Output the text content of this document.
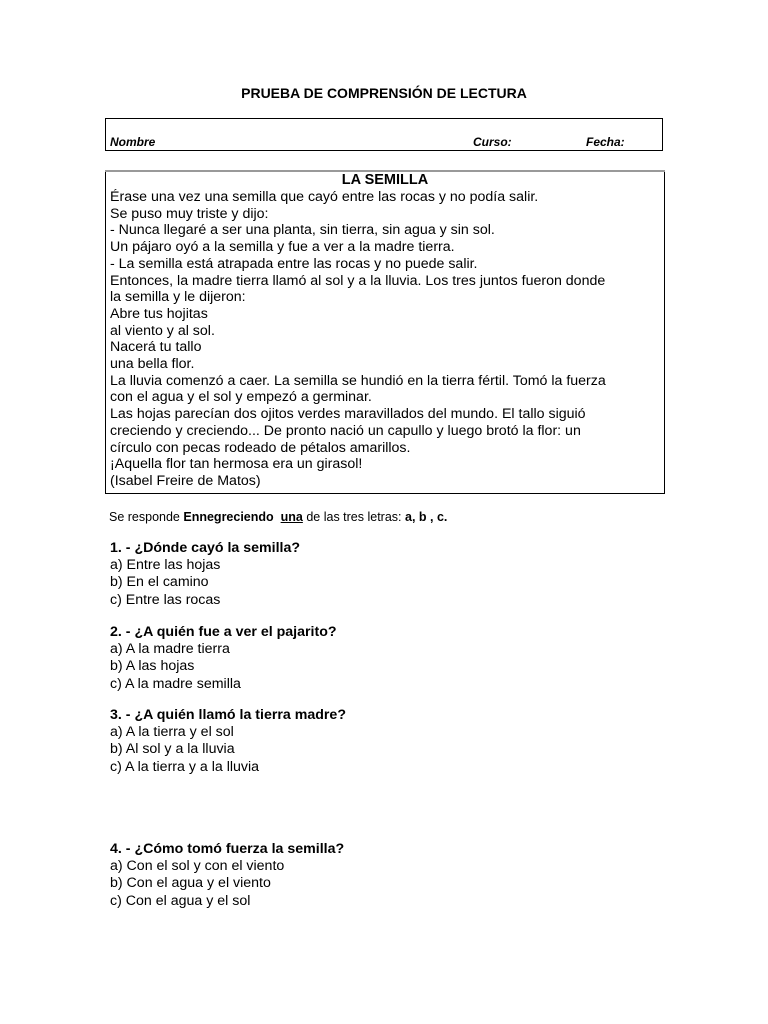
PRUEBA DE COMPRENSIÓN DE LECTURA
Nombre	Curso:	Fecha:
LA SEMILLA
Érase una vez una semilla que cayó entre las rocas y no podía salir.
Se puso muy triste y dijo:
- Nunca llegaré a ser una planta, sin tierra, sin agua y sin sol.
Un pájaro oyó a la semilla y fue a ver a la madre tierra.
- La semilla está atrapada entre las rocas y no puede salir.
Entonces, la madre tierra llamó al sol y a la lluvia. Los tres juntos fueron donde
la semilla y le dijeron:
Abre tus hojitas
al viento y al sol.
Nacerá tu tallo
una bella flor.
La lluvia comenzó a caer. La semilla se hundió en la tierra fértil. Tomó la fuerza
con el agua y el sol y empezó a germinar.
Las hojas parecían dos ojitos verdes maravillados del mundo. El tallo siguió
creciendo y creciendo... De pronto nació un capullo y luego brotó la flor: un
círculo con pecas rodeado de pétalos amarillos.
¡Aquella flor tan hermosa era un girasol!
(Isabel Freire de Matos)
Se responde Ennegreciendo una de las tres letras: a, b , c.
1. - ¿Dónde cayó la semilla?
a) Entre las hojas
b) En el camino
c) Entre las rocas
2. - ¿A quién fue a ver el pajarito?
a) A la madre tierra
b) A las hojas
c) A la madre semilla
3. - ¿A quién llamó la tierra madre?
a) A la tierra y el sol
b) Al sol y a la lluvia
c) A la tierra y a la lluvia
4. - ¿Cómo tomó fuerza la semilla?
a) Con el sol y con el viento
b) Con el agua y el viento
c) Con el agua y el sol
